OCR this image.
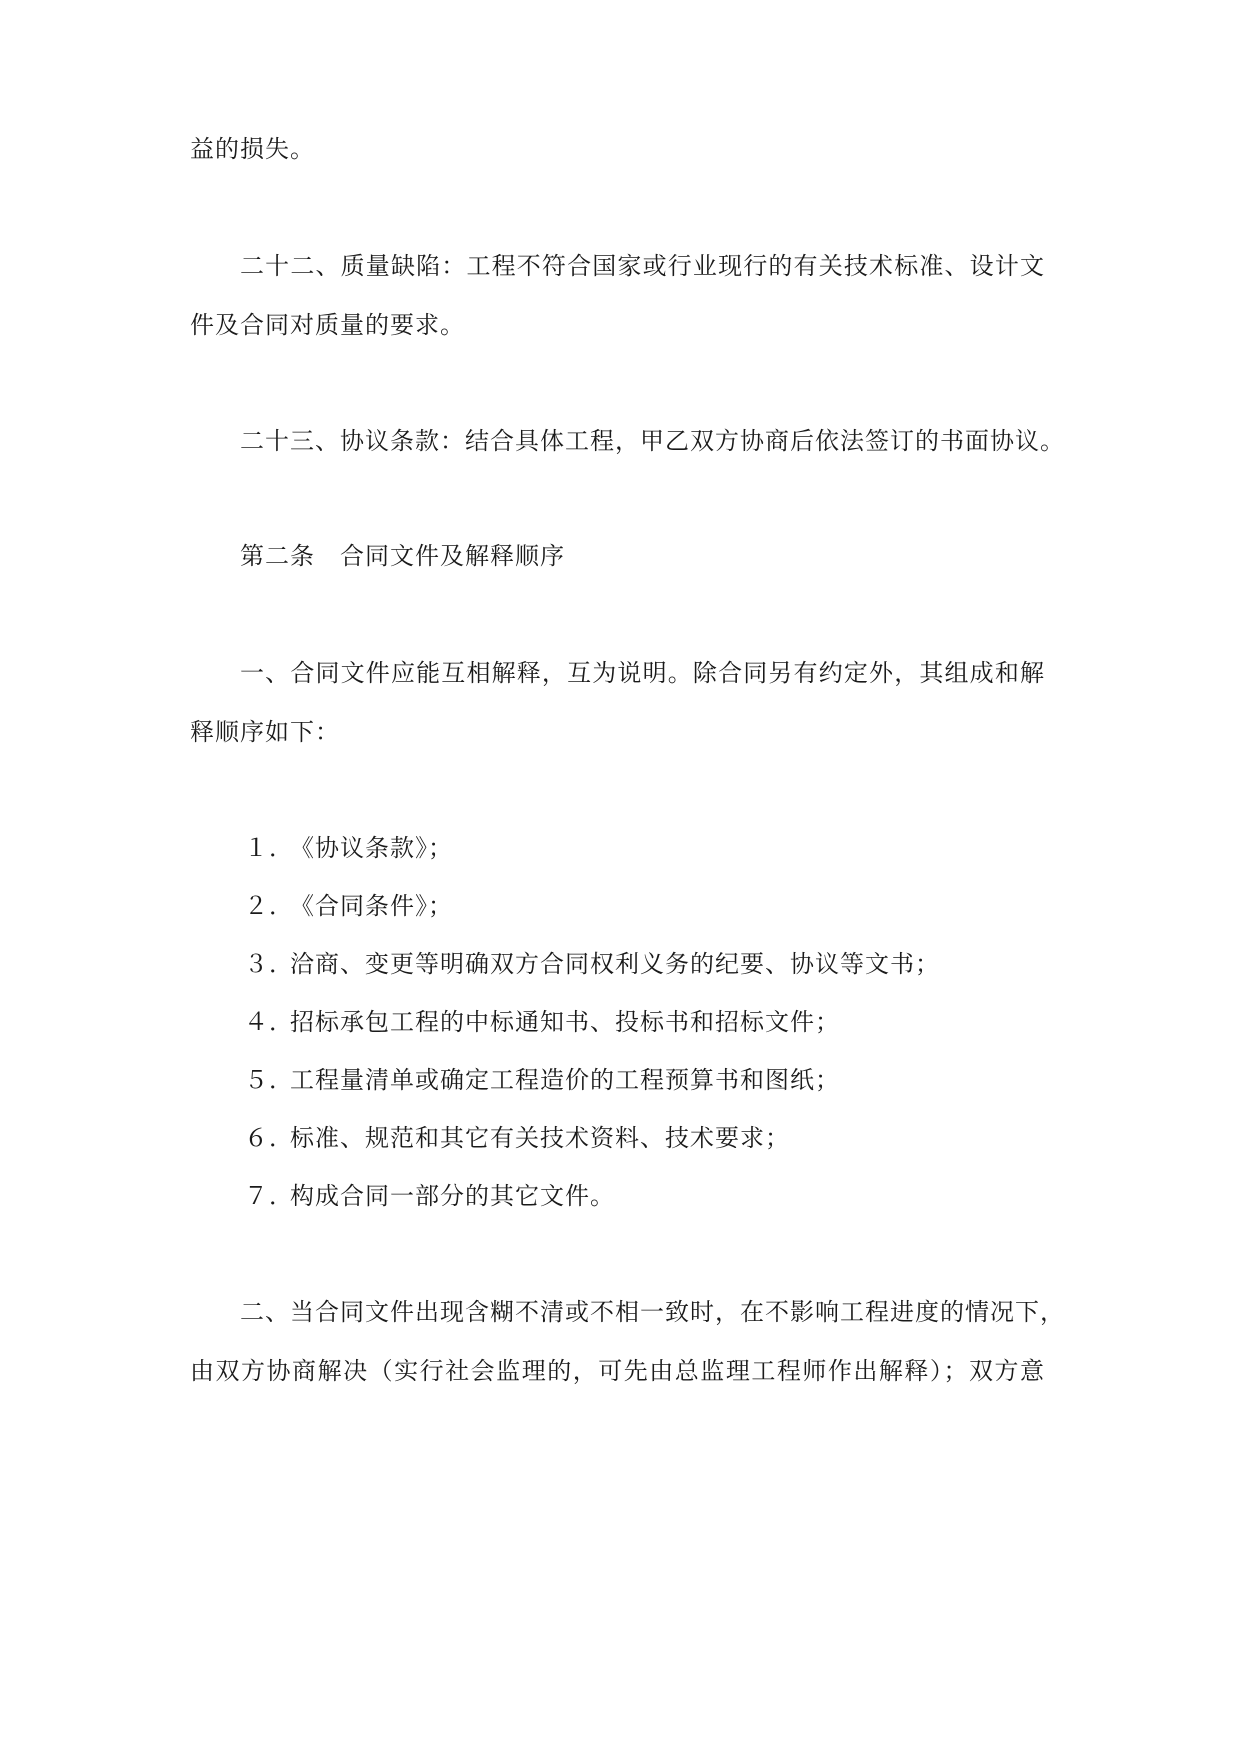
益的损失。
二十二、质量缺陷：工程不符合国家或行业现行的有关技术标准、设计文
件及合同对质量的要求。
二十三、协议条款：结合具体工程，甲乙双方协商后依法签订的书面协议。
第二条　合同文件及解释顺序
一、合同文件应能互相解释，互为说明。除合同另有约定外，其组成和解
释顺序如下：
１．《协议条款》；
２．《合同条件》；
３．洽商、变更等明确双方合同权利义务的纪要、协议等文书；
４．招标承包工程的中标通知书、投标书和招标文件；
５．工程量清单或确定工程造价的工程预算书和图纸；
６．标准、规范和其它有关技术资料、技术要求；
７．构成合同一部分的其它文件。
二、当合同文件出现含糊不清或不相一致时，在不影响工程进度的情况下，
由双方协商解决（实行社会监理的，可先由总监理工程师作出解释）；双方意
